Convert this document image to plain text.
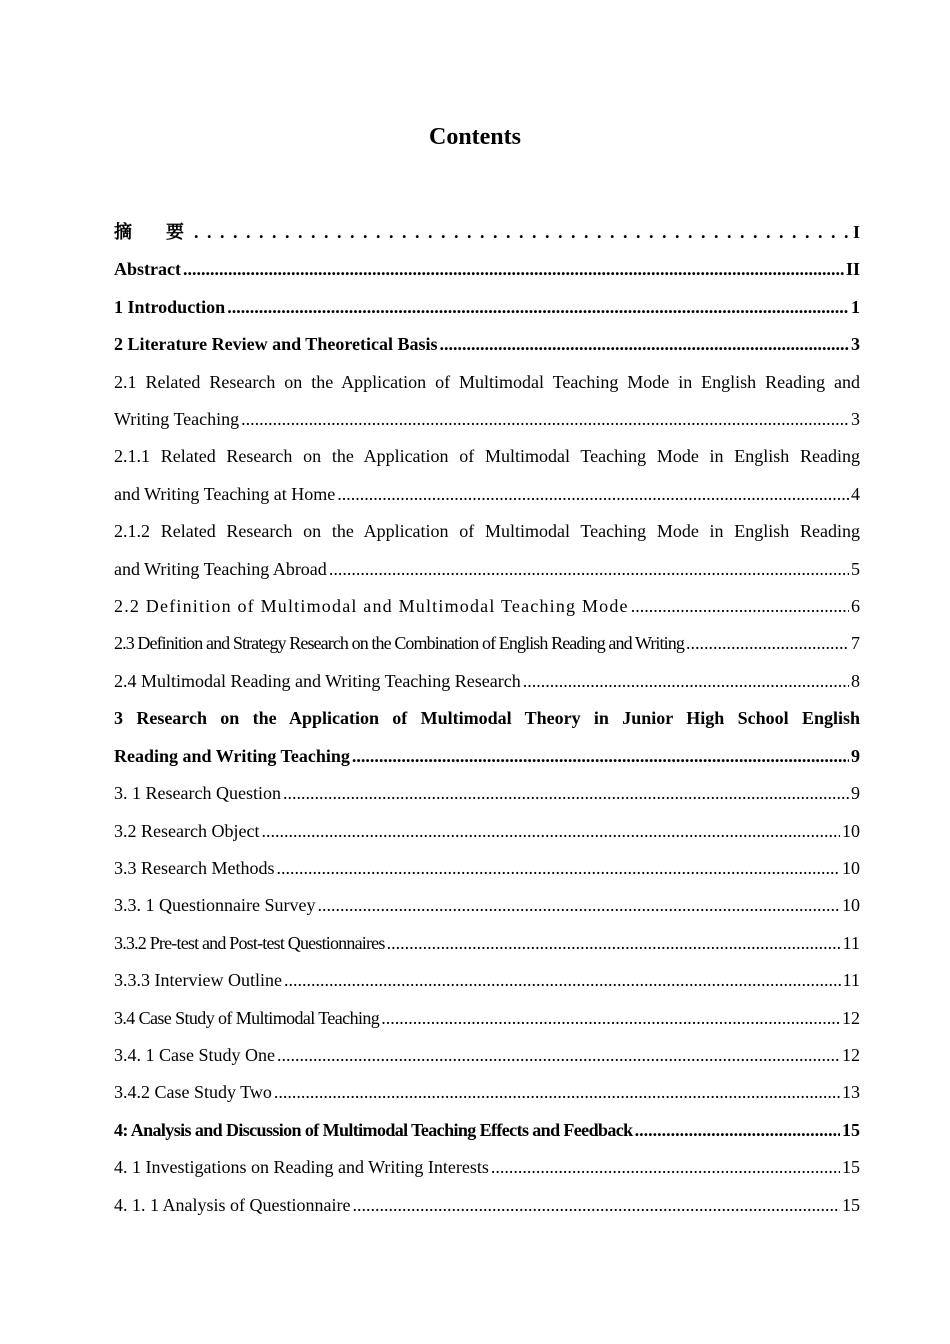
Contents
摘　要 . . .	I
Abstract .....	II
1 Introduction .....	1
2 Literature Review and Theoretical Basis .....	3
2.1 Related Research on the Application of Multimodal Teaching Mode in English Reading and
Writing Teaching .....	3
2.1.1 Related Research on the Application of Multimodal Teaching Mode in English Reading
and Writing Teaching at Home .....	4
2.1.2 Related Research on the Application of Multimodal Teaching Mode in English Reading
and Writing Teaching Abroad .....	5
2.2 Definition of Multimodal and Multimodal Teaching Mode .....	6
2.3 Definition and Strategy Research on the Combination of English Reading and Writing .....	7
2.4 Multimodal Reading and Writing Teaching Research .....	8
3 Research on the Application of Multimodal Theory in Junior High School English
Reading and Writing Teaching .....	9
3. 1 Research Question .....	9
3.2 Research Object .....	10
3.3 Research Methods .....	10
3.3. 1 Questionnaire Survey .....	10
3.3.2 Pre-test and Post-test Questionnaires .....	11
3.3.3 Interview Outline .....	11
3.4 Case Study of Multimodal Teaching .....	12
3.4. 1 Case Study One .....	12
3.4.2 Case Study Two .....	13
4: Analysis and Discussion of Multimodal Teaching Effects and Feedback .....	15
4. 1 Investigations on Reading and Writing Interests .....	15
4. 1. 1 Analysis of Questionnaire .....	15
